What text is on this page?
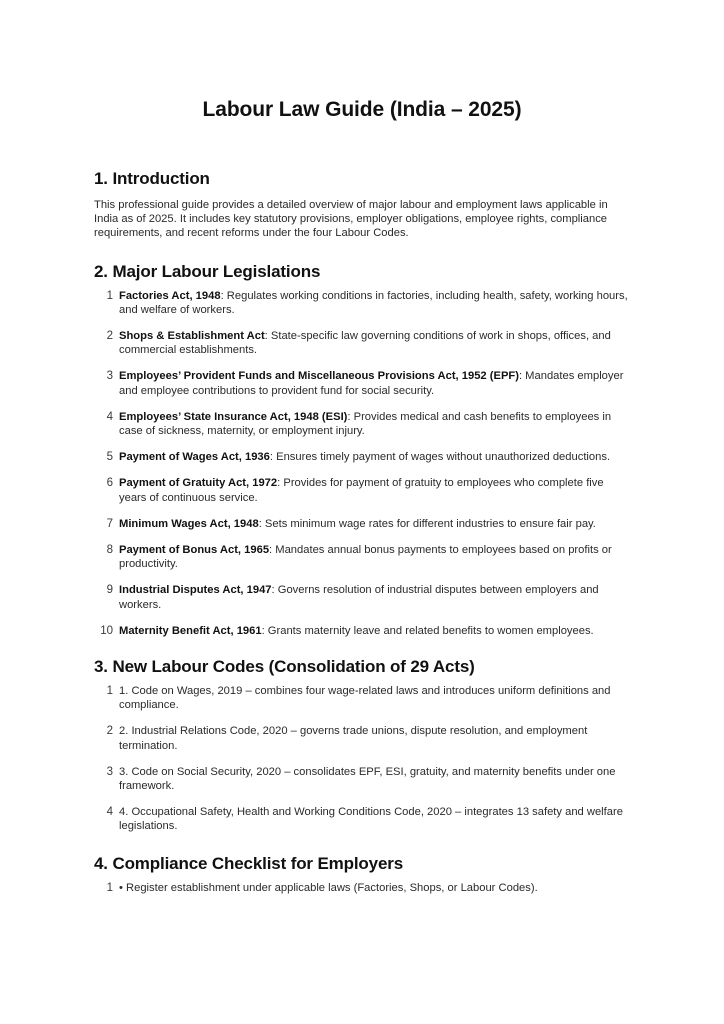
Labour Law Guide (India – 2025)
1. Introduction

This professional guide provides a detailed overview of major labour and employment laws applicable in India as of 2025. It includes key statutory provisions, employer obligations, employee rights, compliance requirements, and recent reforms under the four Labour Codes.

2. Major Labour Legislations
1 Factories Act, 1948: Regulates working conditions in factories, including health, safety, working hours, and welfare of workers.
2 Shops & Establishment Act: State-specific law governing conditions of work in shops, offices, and commercial establishments.
3 Employees’ Provident Funds and Miscellaneous Provisions Act, 1952 (EPF): Mandates employer and employee contributions to provident fund for social security.
4 Employees’ State Insurance Act, 1948 (ESI): Provides medical and cash benefits to employees in case of sickness, maternity, or employment injury.
5 Payment of Wages Act, 1936: Ensures timely payment of wages without unauthorized deductions.
6 Payment of Gratuity Act, 1972: Provides for payment of gratuity to employees who complete five years of continuous service.
7 Minimum Wages Act, 1948: Sets minimum wage rates for different industries to ensure fair pay.
8 Payment of Bonus Act, 1965: Mandates annual bonus payments to employees based on profits or productivity.
9 Industrial Disputes Act, 1947: Governs resolution of industrial disputes between employers and workers.
10 Maternity Benefit Act, 1961: Grants maternity leave and related benefits to women employees.
3. New Labour Codes (Consolidation of 29 Acts)
1 1. Code on Wages, 2019 – combines four wage-related laws and introduces uniform definitions and compliance.
2 2. Industrial Relations Code, 2020 – governs trade unions, dispute resolution, and employment termination.
3 3. Code on Social Security, 2020 – consolidates EPF, ESI, gratuity, and maternity benefits under one framework.
4 4. Occupational Safety, Health and Working Conditions Code, 2020 – integrates 13 safety and welfare legislations.
4. Compliance Checklist for Employers
1 • Register establishment under applicable laws (Factories, Shops, or Labour Codes).
